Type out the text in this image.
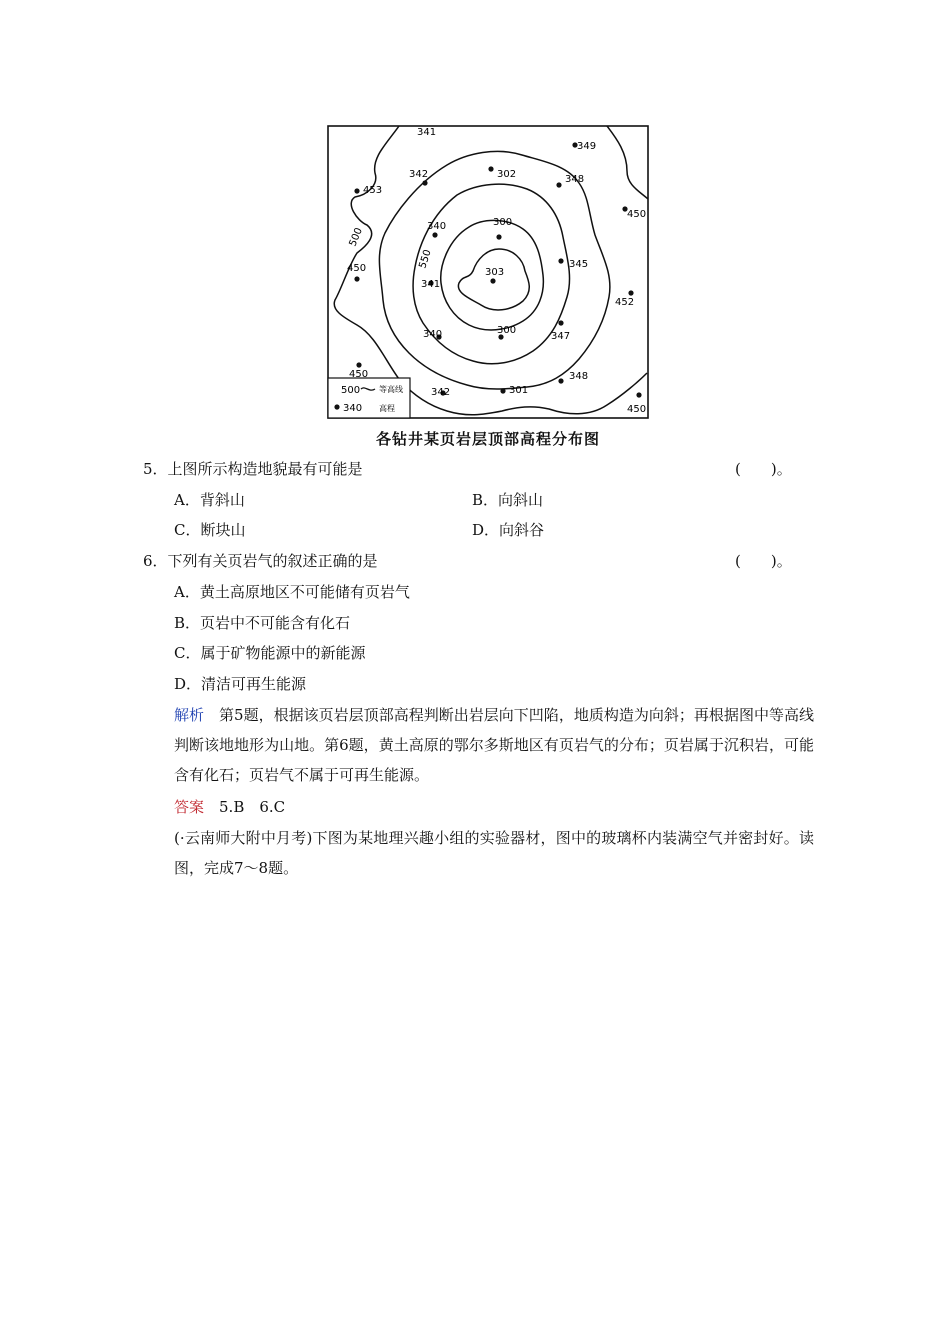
500
550
500 等高线
340 高程
341
349
453
342	302	348
450
340	300
450	303
345
341
452
340	300
347
450	348
342	301
450
各钻井某页岩层顶部高程分布图
5．上图所示构造地貌最有可能是	(　　)。
A．背斜山	B．向斜山
C．断块山	D．向斜谷
6．下列有关页岩气的叙述正确的是	(　　)。
A．黄土高原地区不可能储有页岩气
B．页岩中不可能含有化石
C．属于矿物能源中的新能源
D．清洁可再生能源
解析　第5题，根据该页岩层顶部高程判断出岩层向下凹陷，地质构造为向斜；再根据图中等高线判断该地地形为山地。第6题，黄土高原的鄂尔多斯地区有页岩气的分布；页岩属于沉积岩，可能含有化石；页岩气不属于可再生能源。
答案　5.B　6.C
(·云南师大附中月考)下图为某地理兴趣小组的实验器材，图中的玻璃杯内装满空气并密封好。读图，完成7～8题。
